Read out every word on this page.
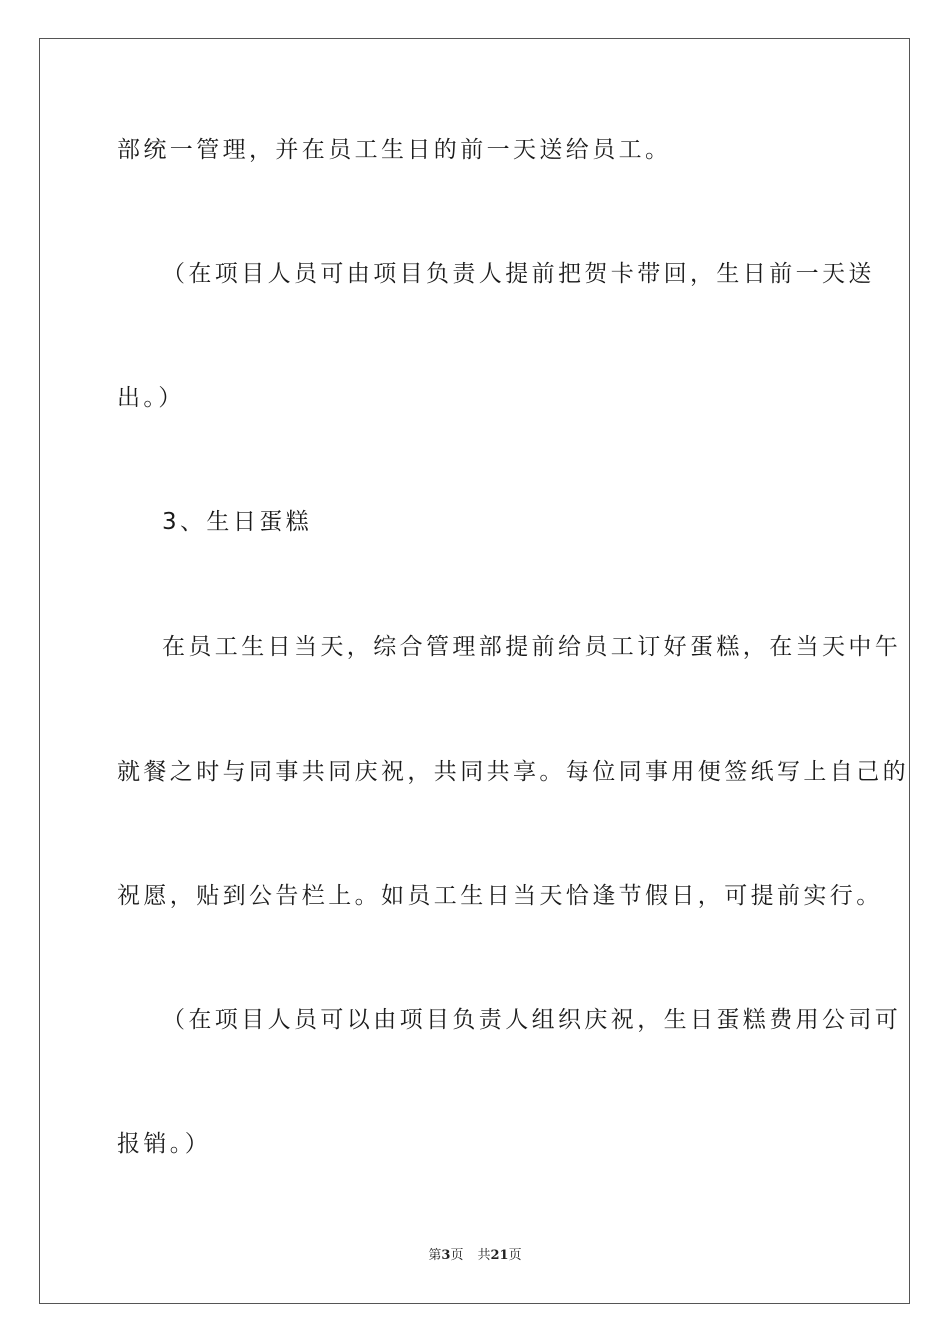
部统一管理，并在员工生日的前一天送给员工。
（在项目人员可由项目负责人提前把贺卡带回，生日前一天送
出。）
3、生日蛋糕
在员工生日当天，综合管理部提前给员工订好蛋糕，在当天中午
就餐之时与同事共同庆祝，共同共享。每位同事用便签纸写上自己的
祝愿，贴到公告栏上。如员工生日当天恰逢节假日，可提前实行。
（在项目人员可以由项目负责人组织庆祝，生日蛋糕费用公司可
报销。）
第3页 共21页
